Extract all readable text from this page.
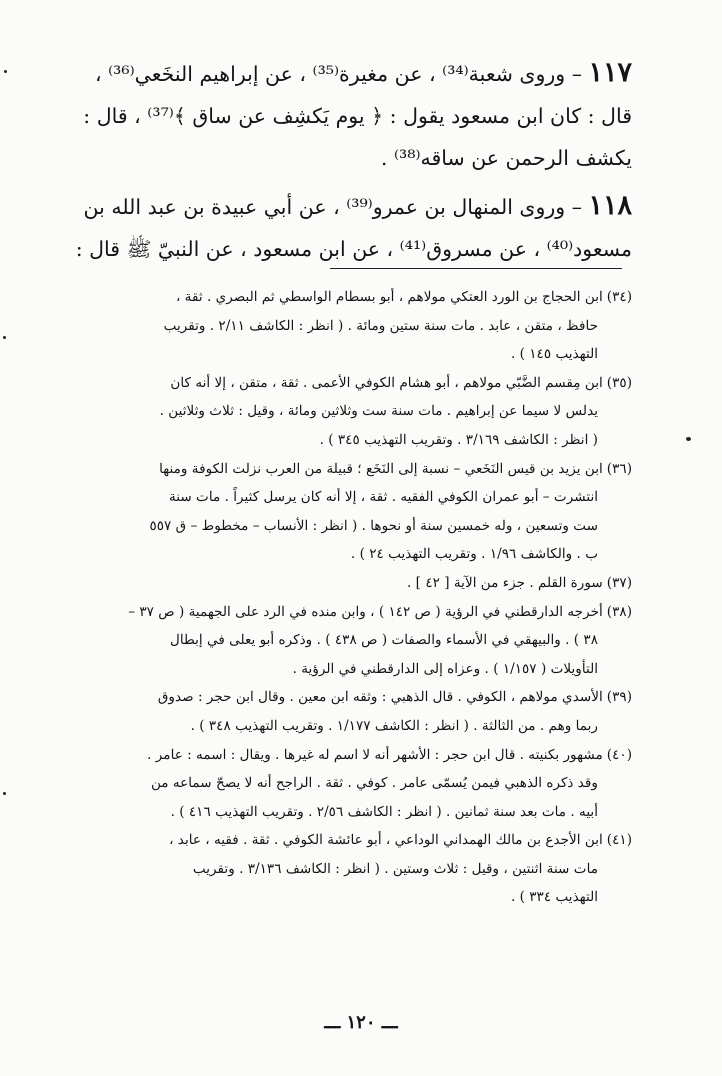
١١٧ – وروى شعبة⁽³⁴⁾ ، عن مغيرة⁽³⁵⁾ ، عن إبراهيم النخَعي⁽³⁶⁾ ،
قال : كان ابن مسعود يقول : ﴿ يوم يَكشِف عن ساق ﴾⁽³⁷⁾ ، قال :
يكشف الرحمن عن ساقه⁽³⁸⁾ .

١١٨ – وروى المنهال بن عمرو⁽³⁹⁾ ، عن أبي عبيدة بن عبد الله بن
مسعود⁽⁴⁰⁾ ، عن مسروق⁽⁴¹⁾ ، عن ابن مسعود ، عن النبيّ ﷺ قال :

(٣٤)ابن الحجاج بن الورد العتكي مولاهم ، أبو بسطام الواسطي ثم البصري . ثقة ،
حافظ ، متقن ، عابد . مات سنة ستين ومائة . ( انظر : الكاشف ٢/١١ . وتقريب
التهذيب ١٤٥ ) .
(٣٥)ابن مِقسم الضَّبّي مولاهم ، أبو هشام الكوفي الأعمى . ثقة ، متقن ، إلا أنه كان
يدلس لا سيما عن إبراهيم . مات سنة ست وثلاثين ومائة ، وقيل : ثلاث وثلاثين .
( انظر : الكاشف ٣/١٦٩ . وتقريب التهذيب ٣٤٥ ) .
(٣٦)ابن يزيد بن قيس النَخَعي – نسبة إلى النَخَع ؛ قبيلة من العرب نزلت الكوفة ومنها
انتشرت – أبو عمران الكوفي الفقيه . ثقة ، إلا أنه كان يرسل كثيراً . مات سنة
ست وتسعين ، وله خمسين سنة أو نحوها . ( انظر : الأنساب – مخطوط – ق ٥٥٧
ب . والكاشف ١/٩٦ . وتقريب التهذيب ٢٤ ) .
(٣٧)سورة القلم . جزء من الآية [ ٤٢ ] .
(٣٨)أخرجه الدارقطني في الرؤية ( ص ١٤٢ ) ، وابن منده في الرد على الجهمية ( ص ٣٧ –
٣٨ ) . والبيهقي في الأسماء والصفات ( ص ٤٣٨ ) . وذكره أبو يعلى في إبطال
التأويلات ( ١/١٥٧ ) . وعزاه إلى الدارقطني في الرؤية .
(٣٩)الأسدي مولاهم ، الكوفي . قال الذهبي : وثقه ابن معين . وقال ابن حجر : صدوق
ربما وهم . من الثالثة . ( انظر : الكاشف ١/١٧٧ . وتقريب التهذيب ٣٤٨ ) .
(٤٠)مشهور بكنيته . قال ابن حجر : الأشهر أنه لا اسم له غيرها . ويقال : اسمه : عامر .
وقد ذكره الذهبي فيمن يُسمّى عامر . كوفي . ثقة . الراجح أنه لا يصحّ سماعه من
أبيه . مات بعد سنة ثمانين . ( انظر : الكاشف ٢/٥٦ . وتقريب التهذيب ٤١٦ ) .
(٤١)ابن الأجدع بن مالك الهمداني الوداعي ، أبو عائشة الكوفي . ثقة . فقيه ، عابد ،
مات سنة اثنتين ، وقيل : ثلاث وستين . ( انظر : الكاشف ٣/١٣٦ . وتقريب
التهذيب ٣٣٤ ) .
ـــ ١٢٠ ـــ
